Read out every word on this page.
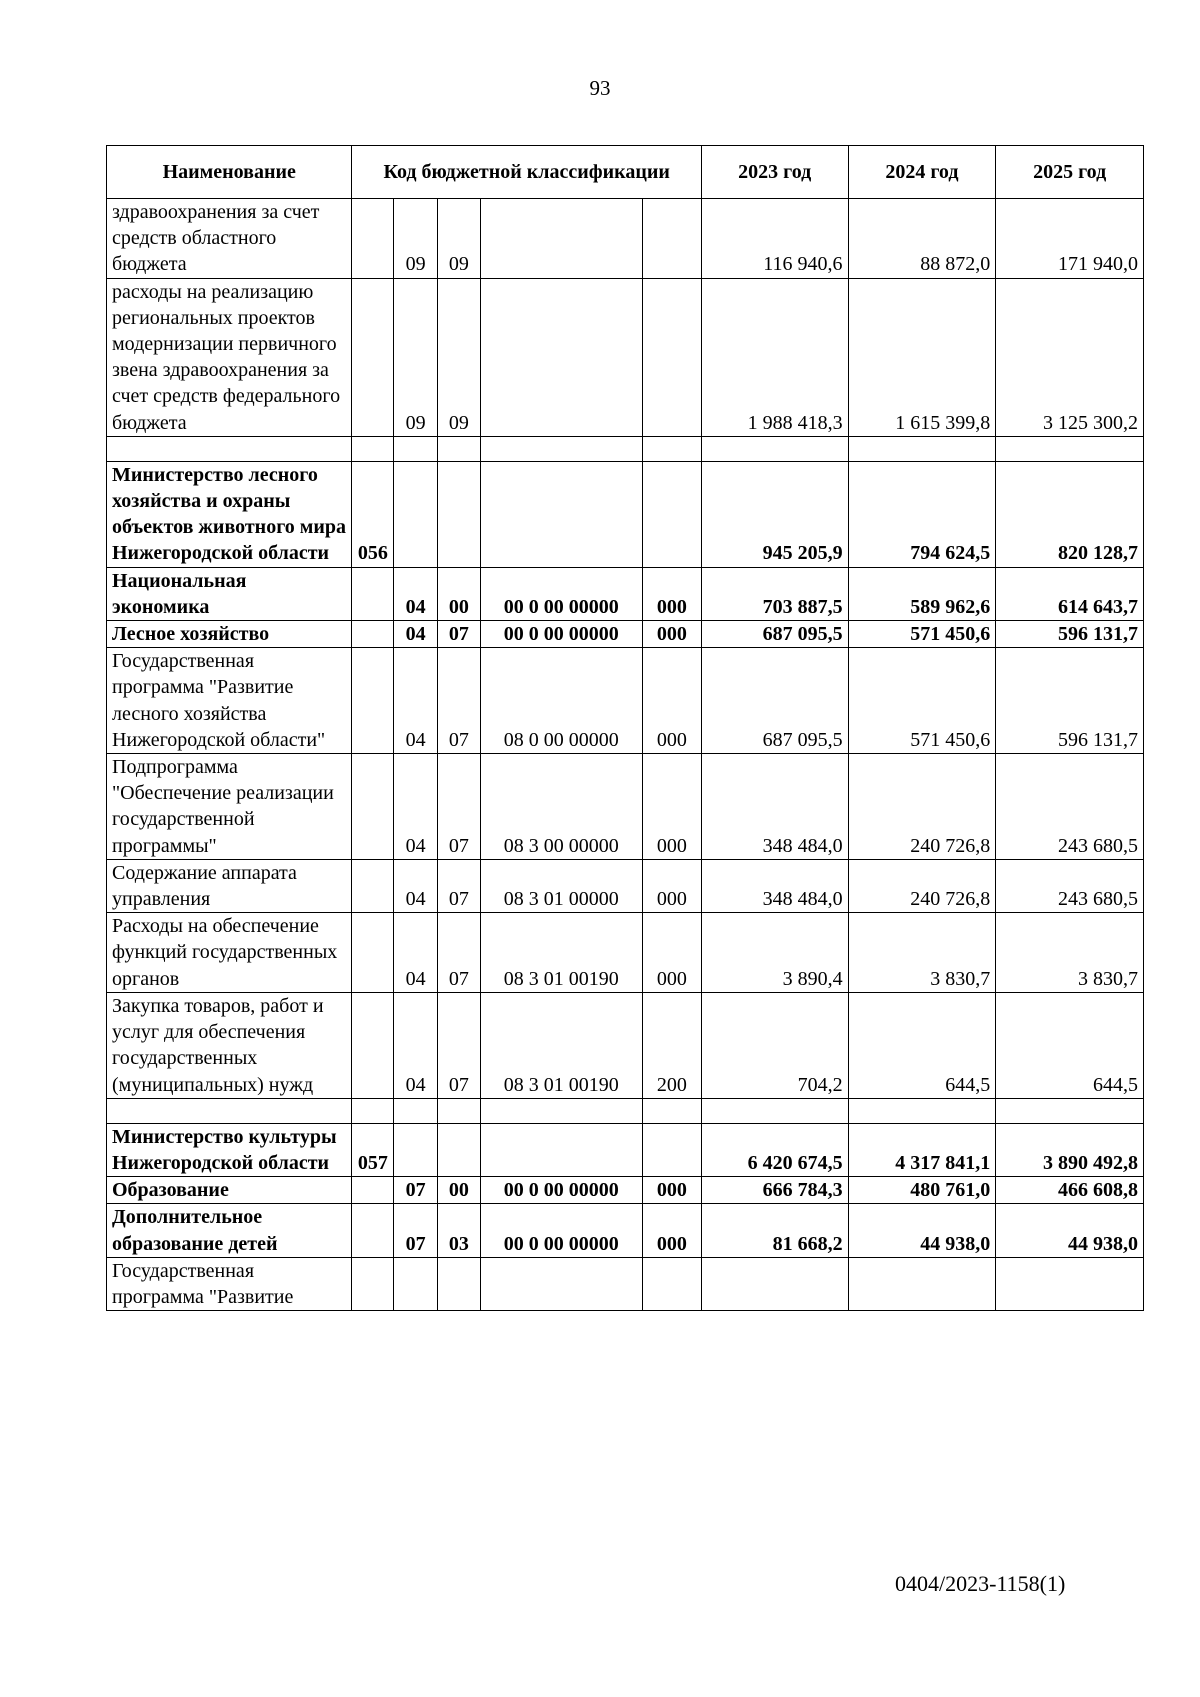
93
Наименование	Код бюджетной классификации					2023 год	2024 год	2025 год
здравоохранения за счет средств областного бюджета		09	09			116 940,6	88 872,0	171 940,0
расходы на реализацию региональных проектов модернизации первичного звена здравоохранения за счет средств федерального бюджета		09	09			1 988 418,3	1 615 399,8	3 125 300,2

Министерство лесного хозяйства и охраны объектов животного мира Нижегородской области	056					945 205,9	794 624,5	820 128,7
Национальная экономика		04	00	00 0 00 00000	000	703 887,5	589 962,6	614 643,7
Лесное хозяйство		04	07	00 0 00 00000	000	687 095,5	571 450,6	596 131,7
Государственная программа "Развитие лесного хозяйства Нижегородской области"		04	07	08 0 00 00000	000	687 095,5	571 450,6	596 131,7
Подпрограмма "Обеспечение реализации государственной программы"		04	07	08 3 00 00000	000	348 484,0	240 726,8	243 680,5
Содержание аппарата управления		04	07	08 3 01 00000	000	348 484,0	240 726,8	243 680,5
Расходы на обеспечение функций государственных органов		04	07	08 3 01 00190	000	3 890,4	3 830,7	3 830,7
Закупка товаров, работ и услуг для обеспечения государственных (муниципальных) нужд		04	07	08 3 01 00190	200	704,2	644,5	644,5

Министерство культуры Нижегородской области	057					6 420 674,5	4 317 841,1	3 890 492,8
Образование		07	00	00 0 00 00000	000	666 784,3	480 761,0	466 608,8
Дополнительное образование детей		07	03	00 0 00 00000	000	81 668,2	44 938,0	44 938,0
Государственная программа "Развитие								
0404/2023-1158(1)
